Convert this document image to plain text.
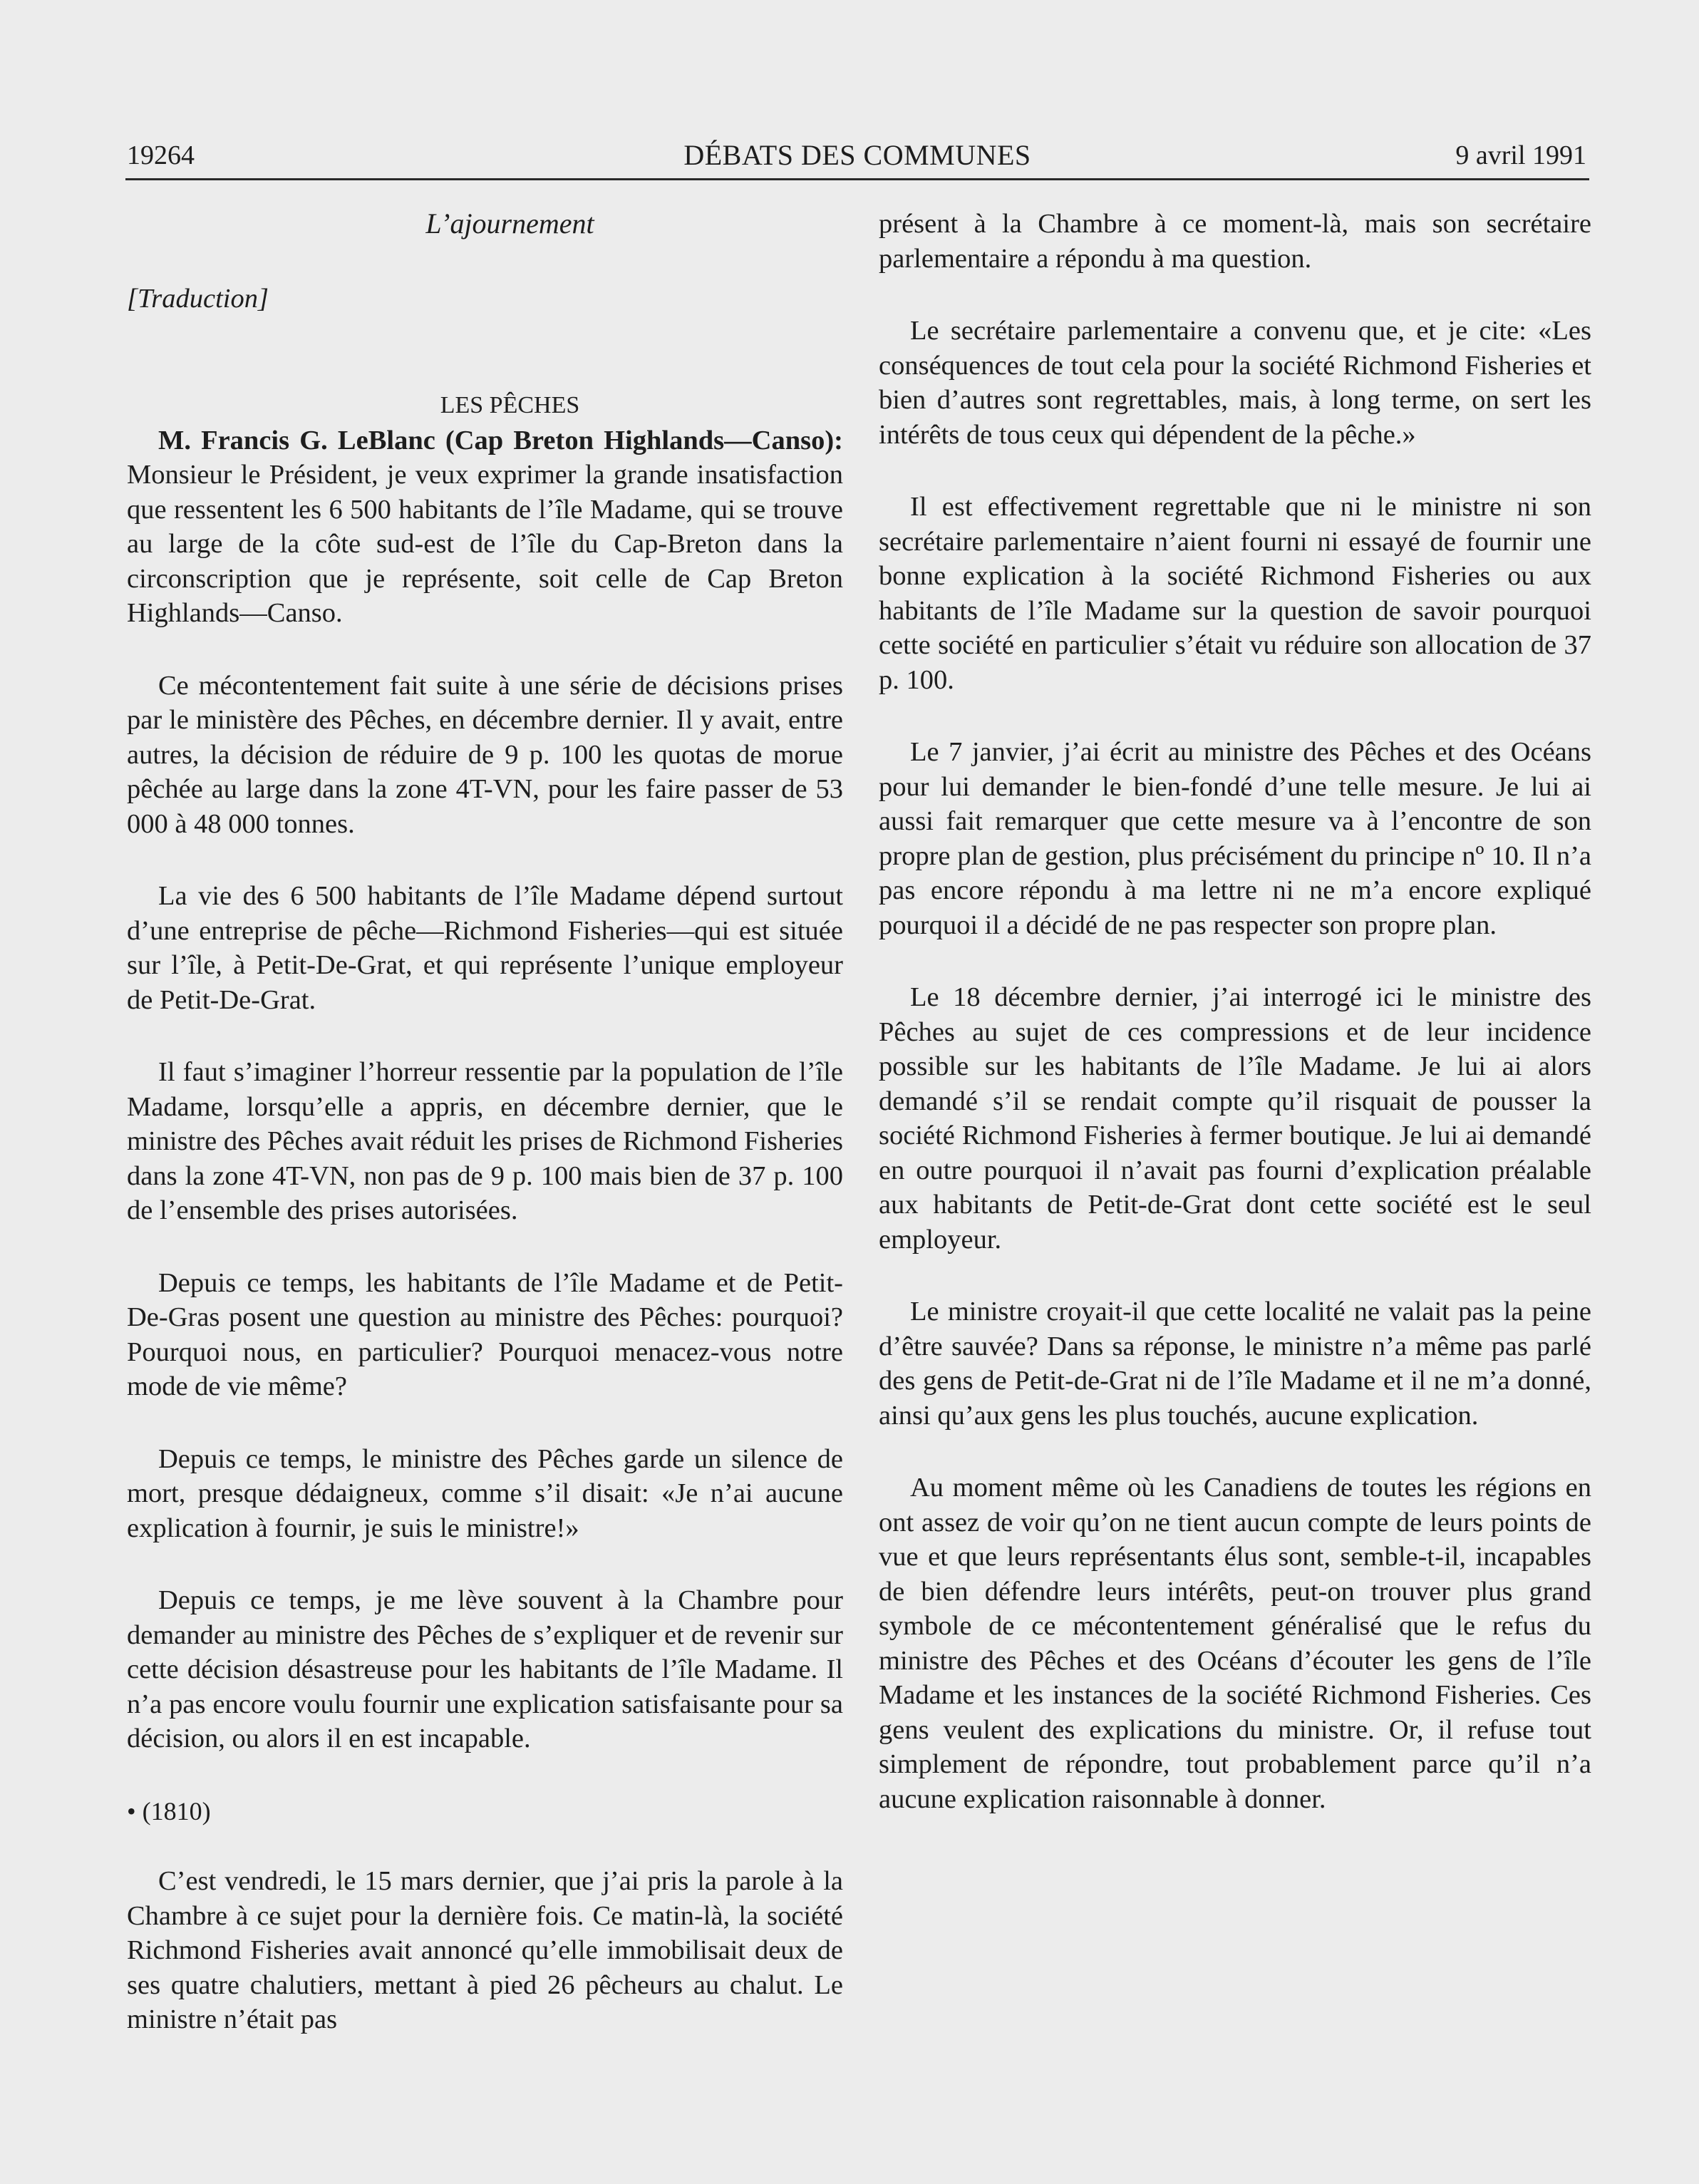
19264	DÉBATS DES COMMUNES	9 avril 1991

L’ajournement

[Traduction]

LES PÊCHES

M. Francis G. LeBlanc (Cap Breton Highlands—Canso): Monsieur le Président, je veux exprimer la grande insatisfaction que ressentent les 6 500 habitants de l’île Madame, qui se trouve au large de la côte sud-est de l’île du Cap-Breton dans la circonscription que je représente, soit celle de Cap Breton Highlands—Canso.

Ce mécontentement fait suite à une série de décisions prises par le ministère des Pêches, en décembre dernier. Il y avait, entre autres, la décision de réduire de 9 p. 100 les quotas de morue pêchée au large dans la zone 4T-VN, pour les faire passer de 53 000 à 48 000 tonnes.

La vie des 6 500 habitants de l’île Madame dépend surtout d’une entreprise de pêche—Richmond Fisheries—qui est située sur l’île, à Petit-De-Grat, et qui représente l’unique employeur de Petit-De-Grat.

Il faut s’imaginer l’horreur ressentie par la population de l’île Madame, lorsqu’elle a appris, en décembre dernier, que le ministre des Pêches avait réduit les prises de Richmond Fisheries dans la zone 4T-VN, non pas de 9 p. 100 mais bien de 37 p. 100 de l’ensemble des prises autorisées.

Depuis ce temps, les habitants de l’île Madame et de Petit-De-Gras posent une question au ministre des Pêches: pourquoi? Pourquoi nous, en particulier? Pourquoi menacez-vous notre mode de vie même?

Depuis ce temps, le ministre des Pêches garde un silence de mort, presque dédaigneux, comme s’il disait: «Je n’ai aucune explication à fournir, je suis le ministre!»

Depuis ce temps, je me lève souvent à la Chambre pour demander au ministre des Pêches de s’expliquer et de revenir sur cette décision désastreuse pour les habitants de l’île Madame. Il n’a pas encore voulu fournir une explication satisfaisante pour sa décision, ou alors il en est incapable.

• (1810)

C’est vendredi, le 15 mars dernier, que j’ai pris la parole à la Chambre à ce sujet pour la dernière fois. Ce matin-là, la société Richmond Fisheries avait annoncé qu’elle immobilisait deux de ses quatre chalutiers, mettant à pied 26 pêcheurs au chalut. Le ministre n’était pas

présent à la Chambre à ce moment-là, mais son secrétaire parlementaire a répondu à ma question.

Le secrétaire parlementaire a convenu que, et je cite: «Les conséquences de tout cela pour la société Richmond Fisheries et bien d’autres sont regrettables, mais, à long terme, on sert les intérêts de tous ceux qui dépendent de la pêche.»

Il est effectivement regrettable que ni le ministre ni son secrétaire parlementaire n’aient fourni ni essayé de fournir une bonne explication à la société Richmond Fisheries ou aux habitants de l’île Madame sur la question de savoir pourquoi cette société en particulier s’était vu réduire son allocation de 37 p. 100.

Le 7 janvier, j’ai écrit au ministre des Pêches et des Océans pour lui demander le bien-fondé d’une telle mesure. Je lui ai aussi fait remarquer que cette mesure va à l’encontre de son propre plan de gestion, plus précisément du principe nº 10. Il n’a pas encore répondu à ma lettre ni ne m’a encore expliqué pourquoi il a décidé de ne pas respecter son propre plan.

Le 18 décembre dernier, j’ai interrogé ici le ministre des Pêches au sujet de ces compressions et de leur incidence possible sur les habitants de l’île Madame. Je lui ai alors demandé s’il se rendait compte qu’il risquait de pousser la société Richmond Fisheries à fermer boutique. Je lui ai demandé en outre pourquoi il n’avait pas fourni d’explication préalable aux habitants de Petit-de-Grat dont cette société est le seul employeur.

Le ministre croyait-il que cette localité ne valait pas la peine d’être sauvée? Dans sa réponse, le ministre n’a même pas parlé des gens de Petit-de-Grat ni de l’île Madame et il ne m’a donné, ainsi qu’aux gens les plus touchés, aucune explication.

Au moment même où les Canadiens de toutes les régions en ont assez de voir qu’on ne tient aucun compte de leurs points de vue et que leurs représentants élus sont, semble-t-il, incapables de bien défendre leurs intérêts, peut-on trouver plus grand symbole de ce mécontentement généralisé que le refus du ministre des Pêches et des Océans d’écouter les gens de l’île Madame et les instances de la société Richmond Fisheries. Ces gens veulent des explications du ministre. Or, il refuse tout simplement de répondre, tout probablement parce qu’il n’a aucune explication raisonnable à donner.
